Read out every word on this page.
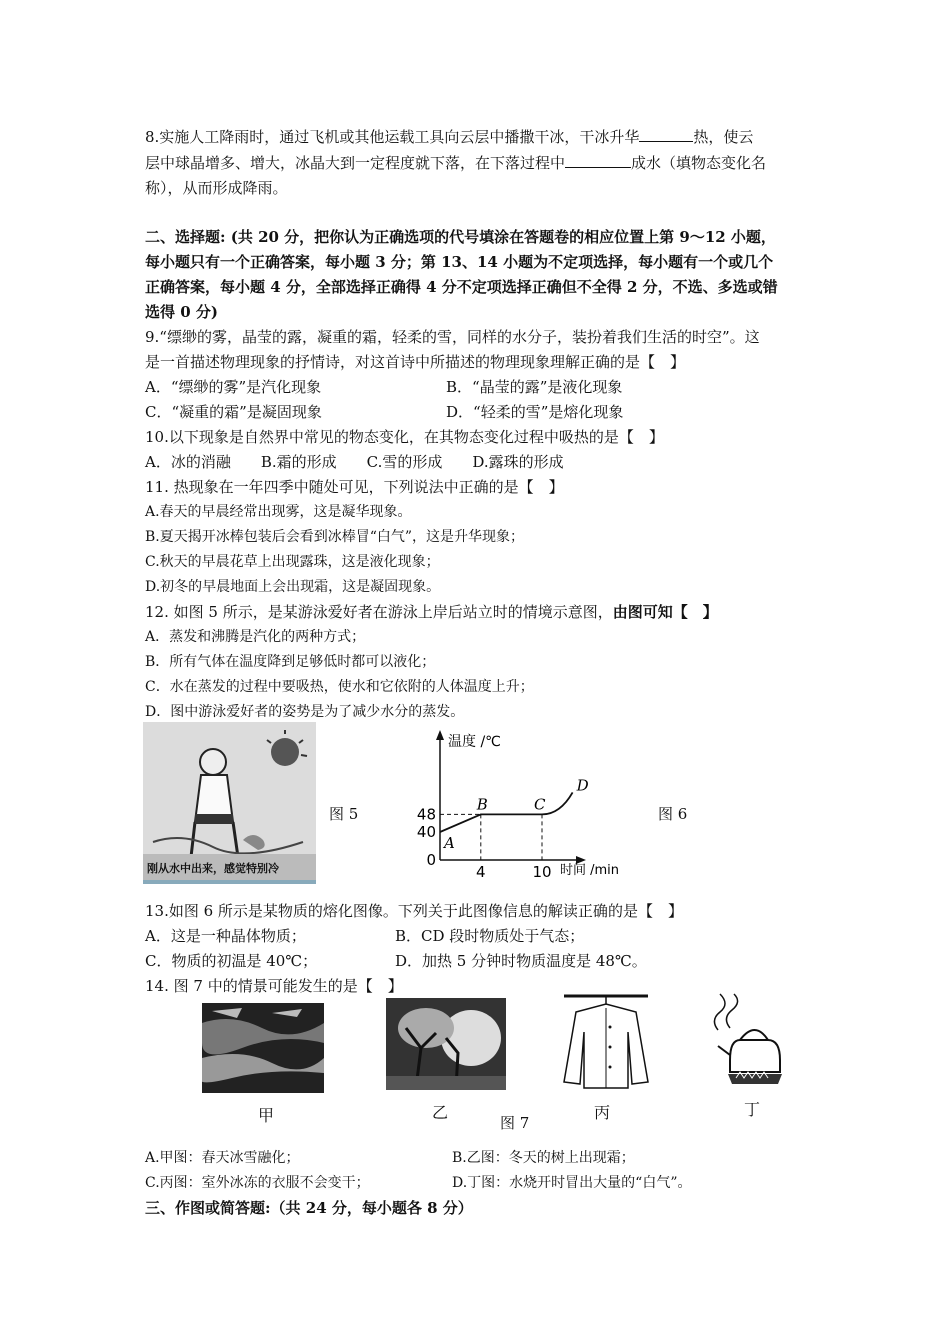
8.实施人工降雨时，通过飞机或其他运载工具向云层中播撒干冰，干冰升华	热，使云
层中球晶增多、增大，冰晶大到一定程度就下落，在下落过程中	成水（填物态变化名
称），从而形成降雨。
二、选择题: (共 20 分，把你认为正确选项的代号填涂在答题卷的相应位置上第 9～12 小题，
每小题只有一个正确答案，每小题 3 分；第 13、14 小题为不定项选择，每小题有一个或几个
正确答案，每小题 4 分，全部选择正确得 4 分不定项选择正确但不全得 2 分，不选、多选或错
选得 0 分)
9.“缥缈的雾，晶莹的露，凝重的霜，轻柔的雪，同样的水分子，装扮着我们生活的时空”。这
是一首描述物理现象的抒情诗，对这首诗中所描述的物理现象理解正确的是【　】
A．“缥缈的雾”是汽化现象	B．“晶莹的露”是液化现象
C．“凝重的霜”是凝固现象	D．“轻柔的雪”是熔化现象
10.以下现象是自然界中常见的物态变化，在其物态变化过程中吸热的是【　】
A．冰的消融　　B.霜的形成　　C.雪的形成　　D.露珠的形成
11. 热现象在一年四季中随处可见，下列说法中正确的是【　】
A.春天的早晨经常出现雾，这是凝华现象。
B.夏天揭开冰棒包装后会看到冰棒冒“白气”，这是升华现象；
C.秋天的早晨花草上出现露珠，这是液化现象；
D.初冬的早晨地面上会出现霜，这是凝固现象。
12. 如图 5 所示，是某游泳爱好者在游泳上岸后站立时的情境示意图，由图可知【　】
A．蒸发和沸腾是汽化的两种方式；
B．所有气体在温度降到足够低时都可以液化；
C．水在蒸发的过程中要吸热，使水和它依附的人体温度上升；
D．图中游泳爱好者的姿势是为了减少水分的蒸发。
刚从水中出来，感觉特别冷
图 5
温度 /℃
时间 /min
A
B	C
D
40
48
0
4	10
图 6
13.如图 6 所示是某物质的熔化图像。下列关于此图像信息的解读正确的是【　】
A．这是一种晶体物质；	B．CD 段时物质处于气态；
C．物质的初温是 40℃；	D．加热 5 分钟时物质温度是 48℃。
14. 图 7 中的情景可能发生的是【　】
甲	乙
图 7
丙	丁
A.甲图：春天冰雪融化；	B.乙图：冬天的树上出现霜；
C.丙图：室外冰冻的衣服不会变干；	D.丁图：水烧开时冒出大量的“白气”。
三、作图或简答题:（共 24 分，每小题各 8 分）
